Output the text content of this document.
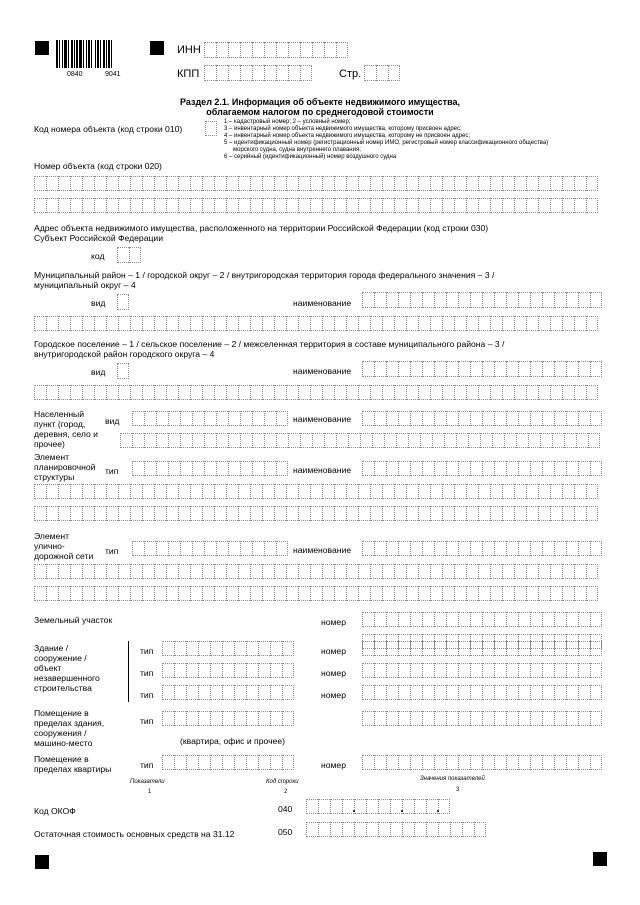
0840	9041
ИНН
КПП	Стр.
Раздел 2.1. Информация об объекте недвижимого имущества,
облагаемом налогом по среднегодовой стоимости
Код номера объекта (код строки 010)
1 – кадастровый номер; 2 – условный номер;
3 – инвентарный номер объекта недвижимого имущества, которому присвоен адрес;
4 – инвентарный номер объекта недвижимого имущества, которому не присвоен адрес;
5 – идентификационный номер (регистрационный номер ИМО, регистровый номер классификационного общества)
морского судна, судна внутреннего плавания;
6 – серийный (идентификационный) номер воздушного судна
Номер объекта (код строки 020)
Адрес объекта недвижимого имущества, расположенного на территории Российской Федерации (код строки 030)
Субъект Российской Федерации
код
Муниципальный район – 1 / городской округ – 2 / внутригородская территория города федерального значения – 3 /
муниципальный округ – 4
вид	наименование
Городское поселение – 1 / сельское поселение – 2 / межселенная территория в составе муниципального района – 3 /
внутригородской район городского округа – 4
вид	наименование
Населенный пункт (город, деревня, село и прочее)
вид	наименование
Элемент планировочной структуры
тип	наименование
Элемент улично-дорожной сети	тип	наименование
Земельный участок	номер
Здание / сооружение / объект незавершенного строительства
тип	номер
тип	номер
тип	номер
Помещение в пределах здания, сооружения / машино-место
тип
(квартира, офис и прочее)
Помещение в пределах квартиры	тип	номер
Показатели	Код строки	Значения показателей
1	2	3
Код ОКОФ	040
Остаточная стоимость основных средств на 31.12	050
